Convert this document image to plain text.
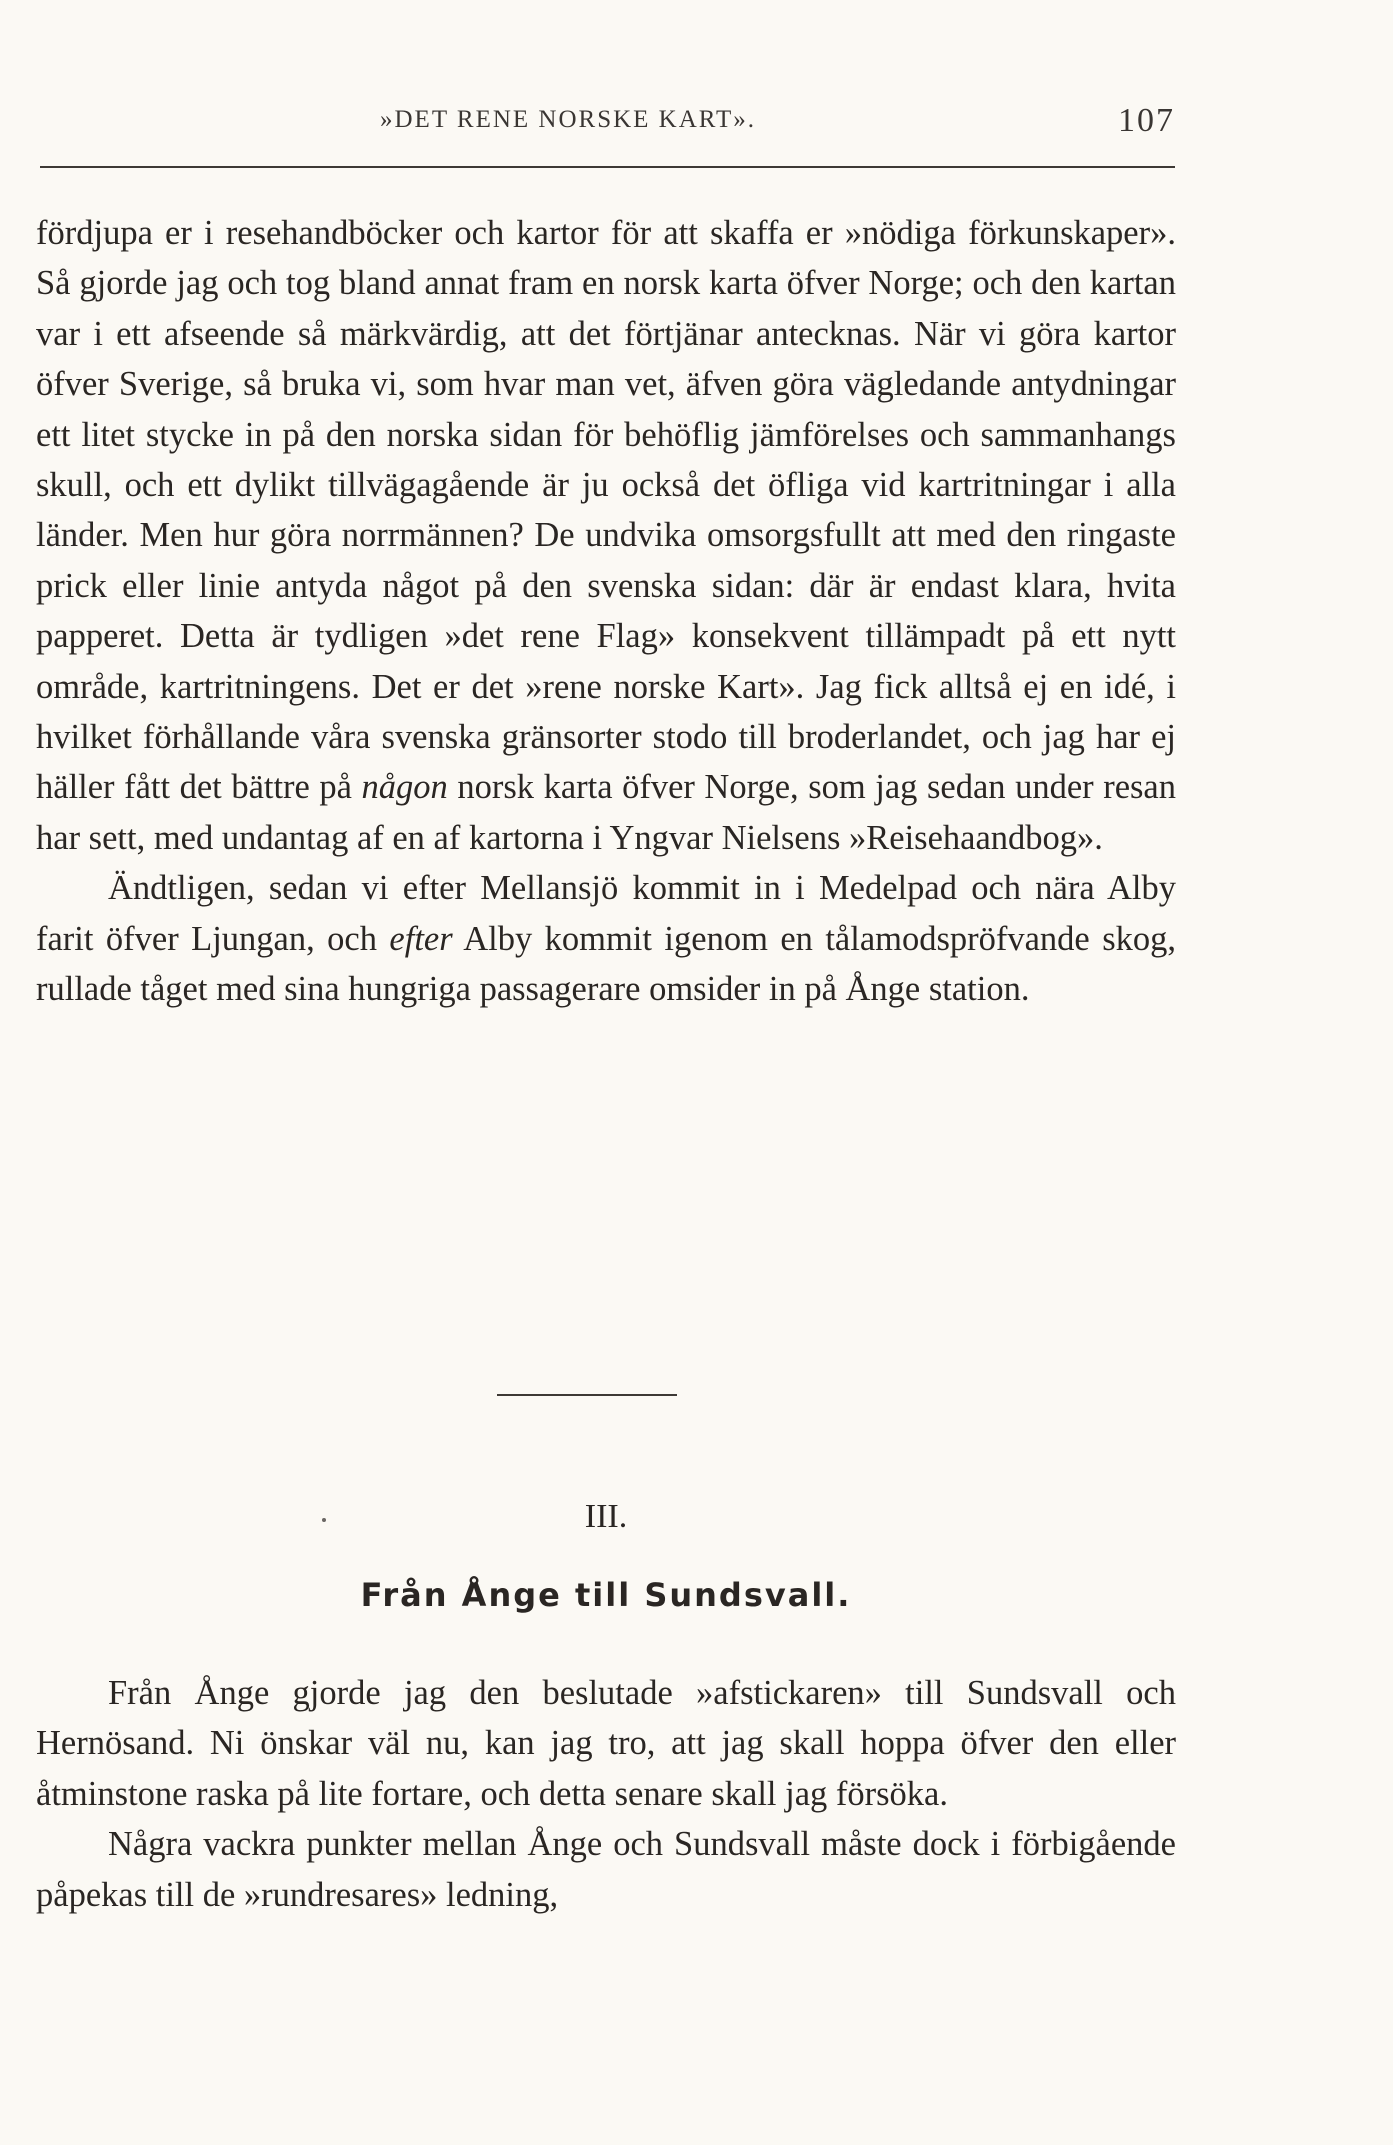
»DET RENE NORSKE KART».	107

fördjupa er i resehandböcker och kartor för att skaffa er »nödiga förkunskaper». Så gjorde jag och tog bland annat fram en norsk karta öfver Norge; och den kartan var i ett afseende så märkvärdig, att det förtjänar antecknas. När vi göra kartor öfver Sverige, så bruka vi, som hvar man vet, äfven göra vägledande antydningar ett litet stycke in på den norska sidan för behöflig jämförelses och sammanhangs skull, och ett dylikt tillvägagående är ju också det öfliga vid kartritningar i alla länder. Men hur göra norrmännen? De undvika omsorgsfullt att med den ringaste prick eller linie antyda något på den svenska sidan: där är endast klara, hvita papperet. Detta är tydligen »det rene Flag» konsekvent tillämpadt på ett nytt område, kartritningens. Det er det »rene norske Kart». Jag fick alltså ej en idé, i hvilket förhållande våra svenska gränsorter stodo till broderlandet, och jag har ej häller fått det bättre på någon norsk karta öfver Norge, som jag sedan under resan har sett, med undantag af en af kartorna i Yngvar Nielsens »Reisehaandbog».

Ändtligen, sedan vi efter Mellansjö kommit in i Medelpad och nära Alby farit öfver Ljungan, och efter Alby kommit igenom en tålamodspröfvande skog, rullade tåget med sina hungriga passagerare omsider in på Ånge station.

III.
Från Ånge till Sundsvall.

Från Ånge gjorde jag den beslutade »afstickaren» till Sundsvall och Hernösand. Ni önskar väl nu, kan jag tro, att jag skall hoppa öfver den eller åtminstone raska på lite fortare, och detta senare skall jag försöka.

Några vackra punkter mellan Ånge och Sundsvall måste dock i förbigående påpekas till de »rundresares» ledning,
